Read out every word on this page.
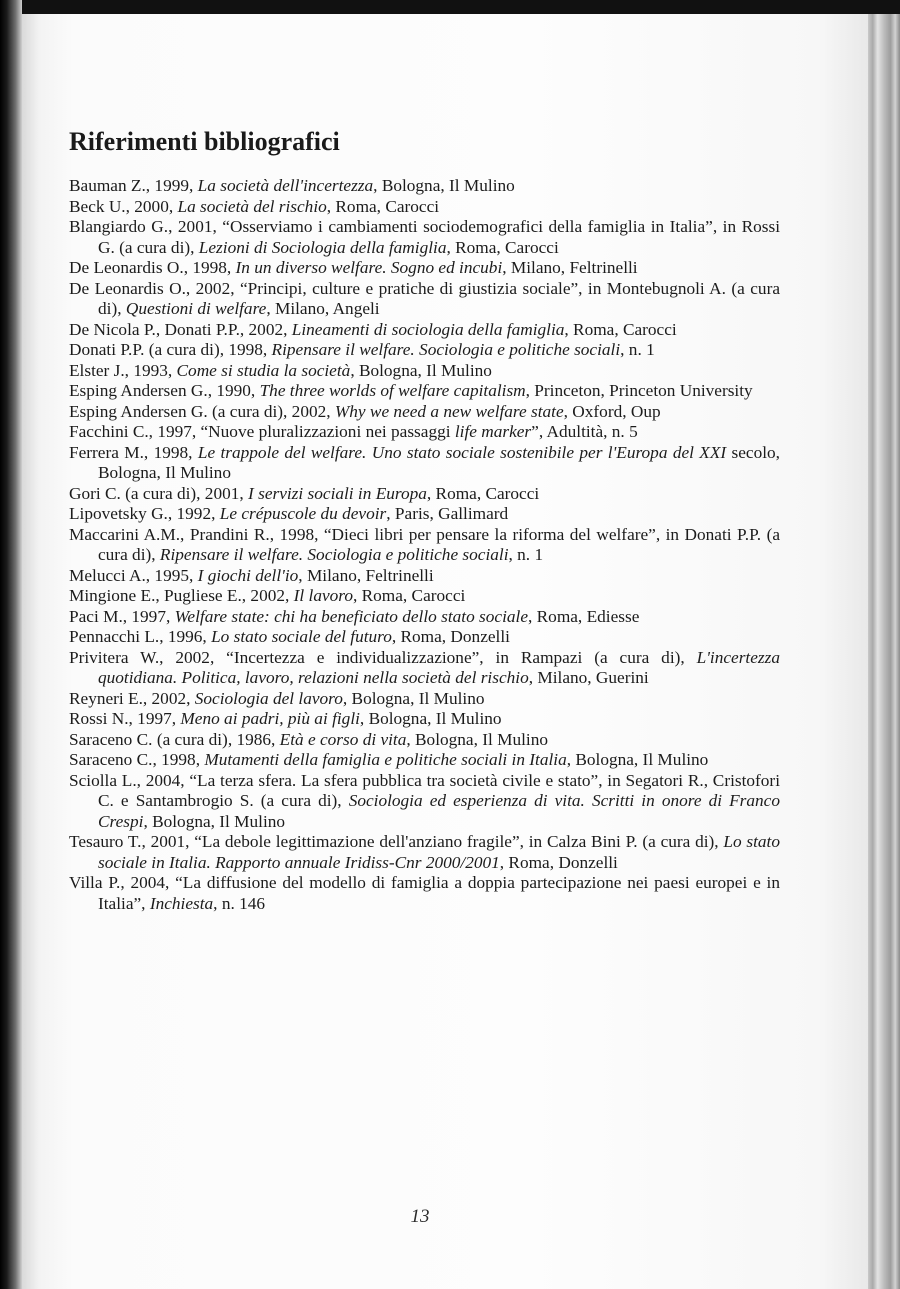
Riferimenti bibliografici
Bauman Z., 1999, La società dell'incertezza, Bologna, Il Mulino
Beck U., 2000, La società del rischio, Roma, Carocci
Blangiardo G., 2001, “Osserviamo i cambiamenti sociodemografici della famiglia in Italia”, in Rossi G. (a cura di), Lezioni di Sociologia della famiglia, Roma, Carocci
De Leonardis O., 1998, In un diverso welfare. Sogno ed incubi, Milano, Feltrinelli
De Leonardis O., 2002, “Principi, culture e pratiche di giustizia sociale”, in Montebugnoli A. (a cura di), Questioni di welfare, Milano, Angeli
De Nicola P., Donati P.P., 2002, Lineamenti di sociologia della famiglia, Roma, Carocci
Donati P.P. (a cura di), 1998, Ripensare il welfare. Sociologia e politiche sociali, n. 1
Elster J., 1993, Come si studia la società, Bologna, Il Mulino
Esping Andersen G., 1990, The three worlds of welfare capitalism, Princeton, Princeton University
Esping Andersen G. (a cura di), 2002, Why we need a new welfare state, Oxford, Oup
Facchini C., 1997, “Nuove pluralizzazioni nei passaggi life marker”, Adultità, n. 5
Ferrera M., 1998, Le trappole del welfare. Uno stato sociale sostenibile per l'Europa del XXI secolo, Bologna, Il Mulino
Gori C. (a cura di), 2001, I servizi sociali in Europa, Roma, Carocci
Lipovetsky G., 1992, Le crépuscole du devoir, Paris, Gallimard
Maccarini A.M., Prandini R., 1998, “Dieci libri per pensare la riforma del welfare”, in Donati P.P. (a cura di), Ripensare il welfare. Sociologia e politiche sociali, n. 1
Melucci A., 1995, I giochi dell'io, Milano, Feltrinelli
Mingione E., Pugliese E., 2002, Il lavoro, Roma, Carocci
Paci M., 1997, Welfare state: chi ha beneficiato dello stato sociale, Roma, Ediesse
Pennacchi L., 1996, Lo stato sociale del futuro, Roma, Donzelli
Privitera W., 2002, “Incertezza e individualizzazione”, in Rampazi (a cura di), L'incertezza quotidiana. Politica, lavoro, relazioni nella società del rischio, Milano, Guerini
Reyneri E., 2002, Sociologia del lavoro, Bologna, Il Mulino
Rossi N., 1997, Meno ai padri, più ai figli, Bologna, Il Mulino
Saraceno C. (a cura di), 1986, Età e corso di vita, Bologna, Il Mulino
Saraceno C., 1998, Mutamenti della famiglia e politiche sociali in Italia, Bologna, Il Mulino
Sciolla L., 2004, “La terza sfera. La sfera pubblica tra società civile e stato”, in Segatori R., Cristofori C. e Santambrogio S. (a cura di), Sociologia ed esperienza di vita. Scritti in onore di Franco Crespi, Bologna, Il Mulino
Tesauro T., 2001, “La debole legittimazione dell'anziano fragile”, in Calza Bini P. (a cura di), Lo stato sociale in Italia. Rapporto annuale Iridiss-Cnr 2000/2001, Roma, Donzelli
Villa P., 2004, “La diffusione del modello di famiglia a doppia partecipazione nei paesi europei e in Italia”, Inchiesta, n. 146
13
